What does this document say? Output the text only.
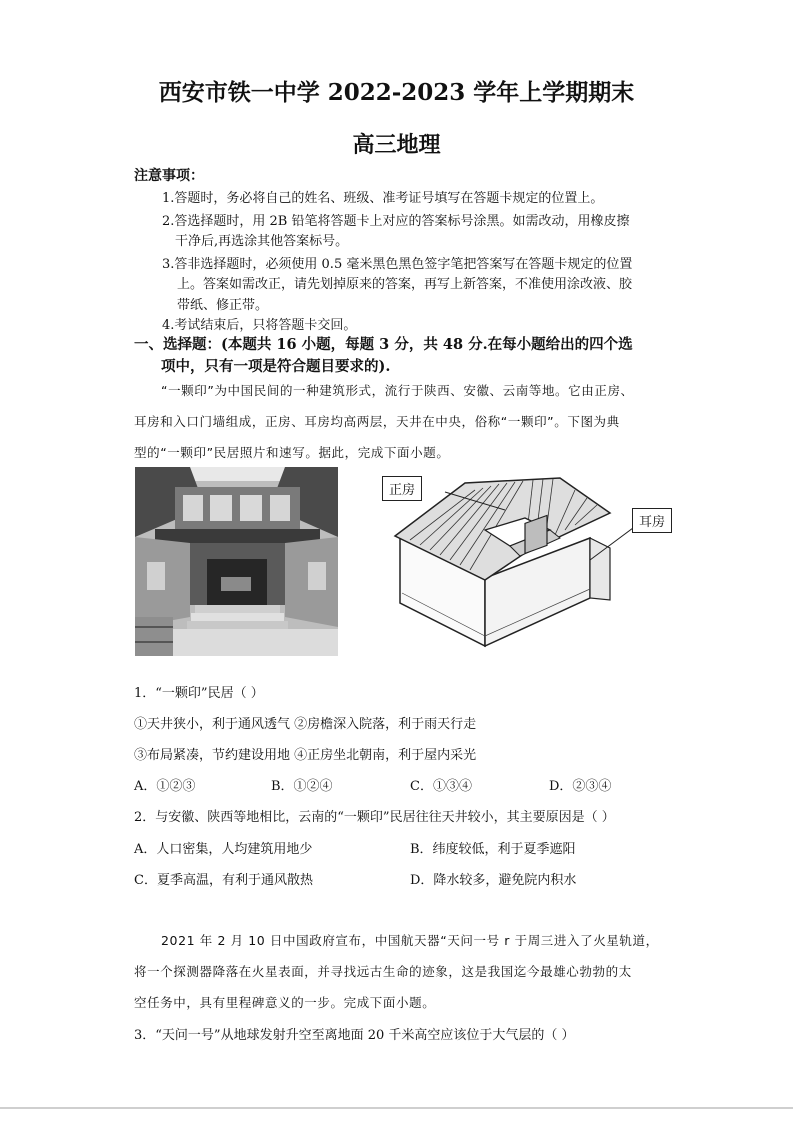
西安市铁一中学 2022-2023 学年上学期期末
高三地理
注意事项：
1.答题时，务必将自己的姓名、班级、准考证号填写在答题卡规定的位置上。
2.答选择题时，用 2B 铅笔将答题卡上对应的答案标号涂黑。如需改动，用橡皮擦
干净后,再选涂其他答案标号。
3.答非选择题时，必须使用 0.5 毫米黑色黑色签字笔把答案写在答题卡规定的位置
上。答案如需改正，请先划掉原来的答案，再写上新答案，不准使用涂改液、胶
带纸、修正带。
4.考试结束后，只将答题卡交回。
一、选择题：(本题共 16 小题，每题 3 分，共 48 分.在每小题给出的四个选
项中，只有一项是符合题目要求的).
“一颗印”为中国民间的一种建筑形式，流行于陕西、安徽、云南等地。它由正房、
耳房和入口门墙组成，正房、耳房均高两层，天井在中央，俗称“一颗印”。下图为典
型的“一颗印”民居照片和速写。据此，完成下面小题。
正房
耳房
1．“一颗印”民居（ ）
①天井狭小，利于通风透气 ②房檐深入院落，利于雨天行走
③布局紧凑，节约建设用地 ④正房坐北朝南，利于屋内采光
A．①②③	B．①②④	C．①③④	D．②③④
2．与安徽、陕西等地相比，云南的“一颗印”民居往往天井较小，其主要原因是（ ）
A．人口密集，人均建筑用地少	B．纬度较低，利于夏季遮阳
C．夏季高温，有利于通风散热	D．降水较多，避免院内积水
2021 年 2 月 10 日中国政府宣布，中国航天器“天问一号 r 于周三进入了火星轨道，
将一个探测器降落在火星表面，并寻找远古生命的迹象，这是我国迄今最雄心勃勃的太
空任务中，具有里程碑意义的一步。完成下面小题。
3．“天问一号”从地球发射升空至离地面 20 千米高空应该位于大气层的（ ）
